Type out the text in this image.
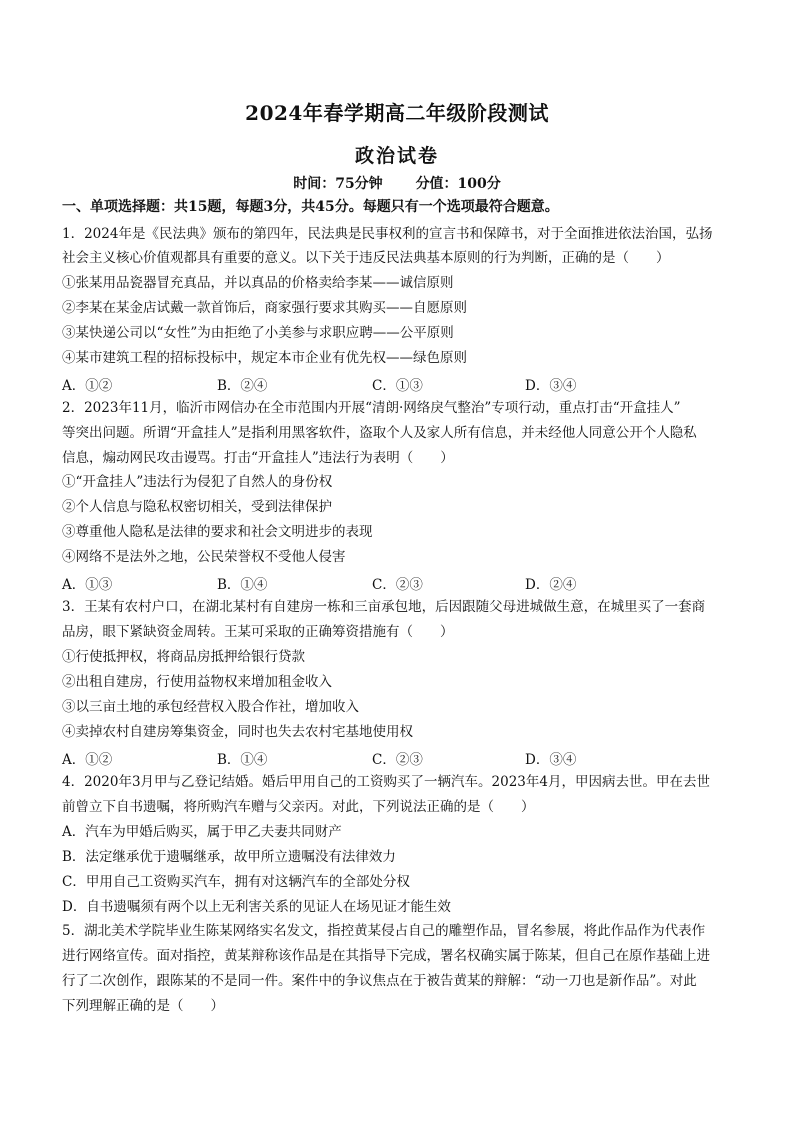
2024年春学期高二年级阶段测试
政治试卷
时间：75分钟 分值：100分
一、单项选择题：共15题，每题3分，共45分。每题只有一个选项最符合题意。
1．2024年是《民法典》颁布的第四年，民法典是民事权利的宣言书和保障书，对于全面推进依法治国，弘扬
社会主义核心价值观都具有重要的意义。以下关于违反民法典基本原则的行为判断，正确的是（　　）
①张某用品瓷器冒充真品，并以真品的价格卖给李某——诚信原则
②李某在某金店试戴一款首饰后，商家强行要求其购买——自愿原则
③某快递公司以“女性”为由拒绝了小美参与求职应聘——公平原则
④某市建筑工程的招标投标中，规定本市企业有优先权——绿色原则
A．①②	B．②④	C．①③	D．③④
2．2023年11月，临沂市网信办在全市范围内开展“清朗·网络戾气整治”专项行动，重点打击“开盒挂人”
等突出问题。所谓“开盒挂人”是指利用黑客软件，盗取个人及家人所有信息，并未经他人同意公开个人隐私
信息，煽动网民攻击谩骂。打击“开盒挂人”违法行为表明（　　）
①“开盒挂人”违法行为侵犯了自然人的身份权
②个人信息与隐私权密切相关，受到法律保护
③尊重他人隐私是法律的要求和社会文明进步的表现
④网络不是法外之地，公民荣誉权不受他人侵害
A．①③	B．①④	C．②③	D．②④
3．王某有农村户口，在湖北某村有自建房一栋和三亩承包地，后因跟随父母进城做生意，在城里买了一套商
品房，眼下紧缺资金周转。王某可采取的正确筹资措施有（　　）
①行使抵押权，将商品房抵押给银行贷款
②出租自建房，行使用益物权来增加租金收入
③以三亩土地的承包经营权入股合作社，增加收入
④卖掉农村自建房筹集资金，同时也失去农村宅基地使用权
A．①②	B．①④	C．②③	D．③④
4．2020年3月甲与乙登记结婚。婚后甲用自己的工资购买了一辆汽车。2023年4月，甲因病去世。甲在去世
前曾立下自书遗嘱，将所购汽车赠与父亲丙。对此，下列说法正确的是（　　）
A．汽车为甲婚后购买，属于甲乙夫妻共同财产
B．法定继承优于遗嘱继承，故甲所立遗嘱没有法律效力
C．甲用自己工资购买汽车，拥有对这辆汽车的全部处分权
D．自书遗嘱须有两个以上无利害关系的见证人在场见证才能生效
5．湖北美术学院毕业生陈某网络实名发文，指控黄某侵占自己的雕塑作品，冒名参展，将此作品作为代表作
进行网络宣传。面对指控，黄某辩称该作品是在其指导下完成，署名权确实属于陈某，但自己在原作基础上进
行了二次创作，跟陈某的不是同一件。案件中的争议焦点在于被告黄某的辩解：“动一刀也是新作品”。对此
下列理解正确的是（　　）
